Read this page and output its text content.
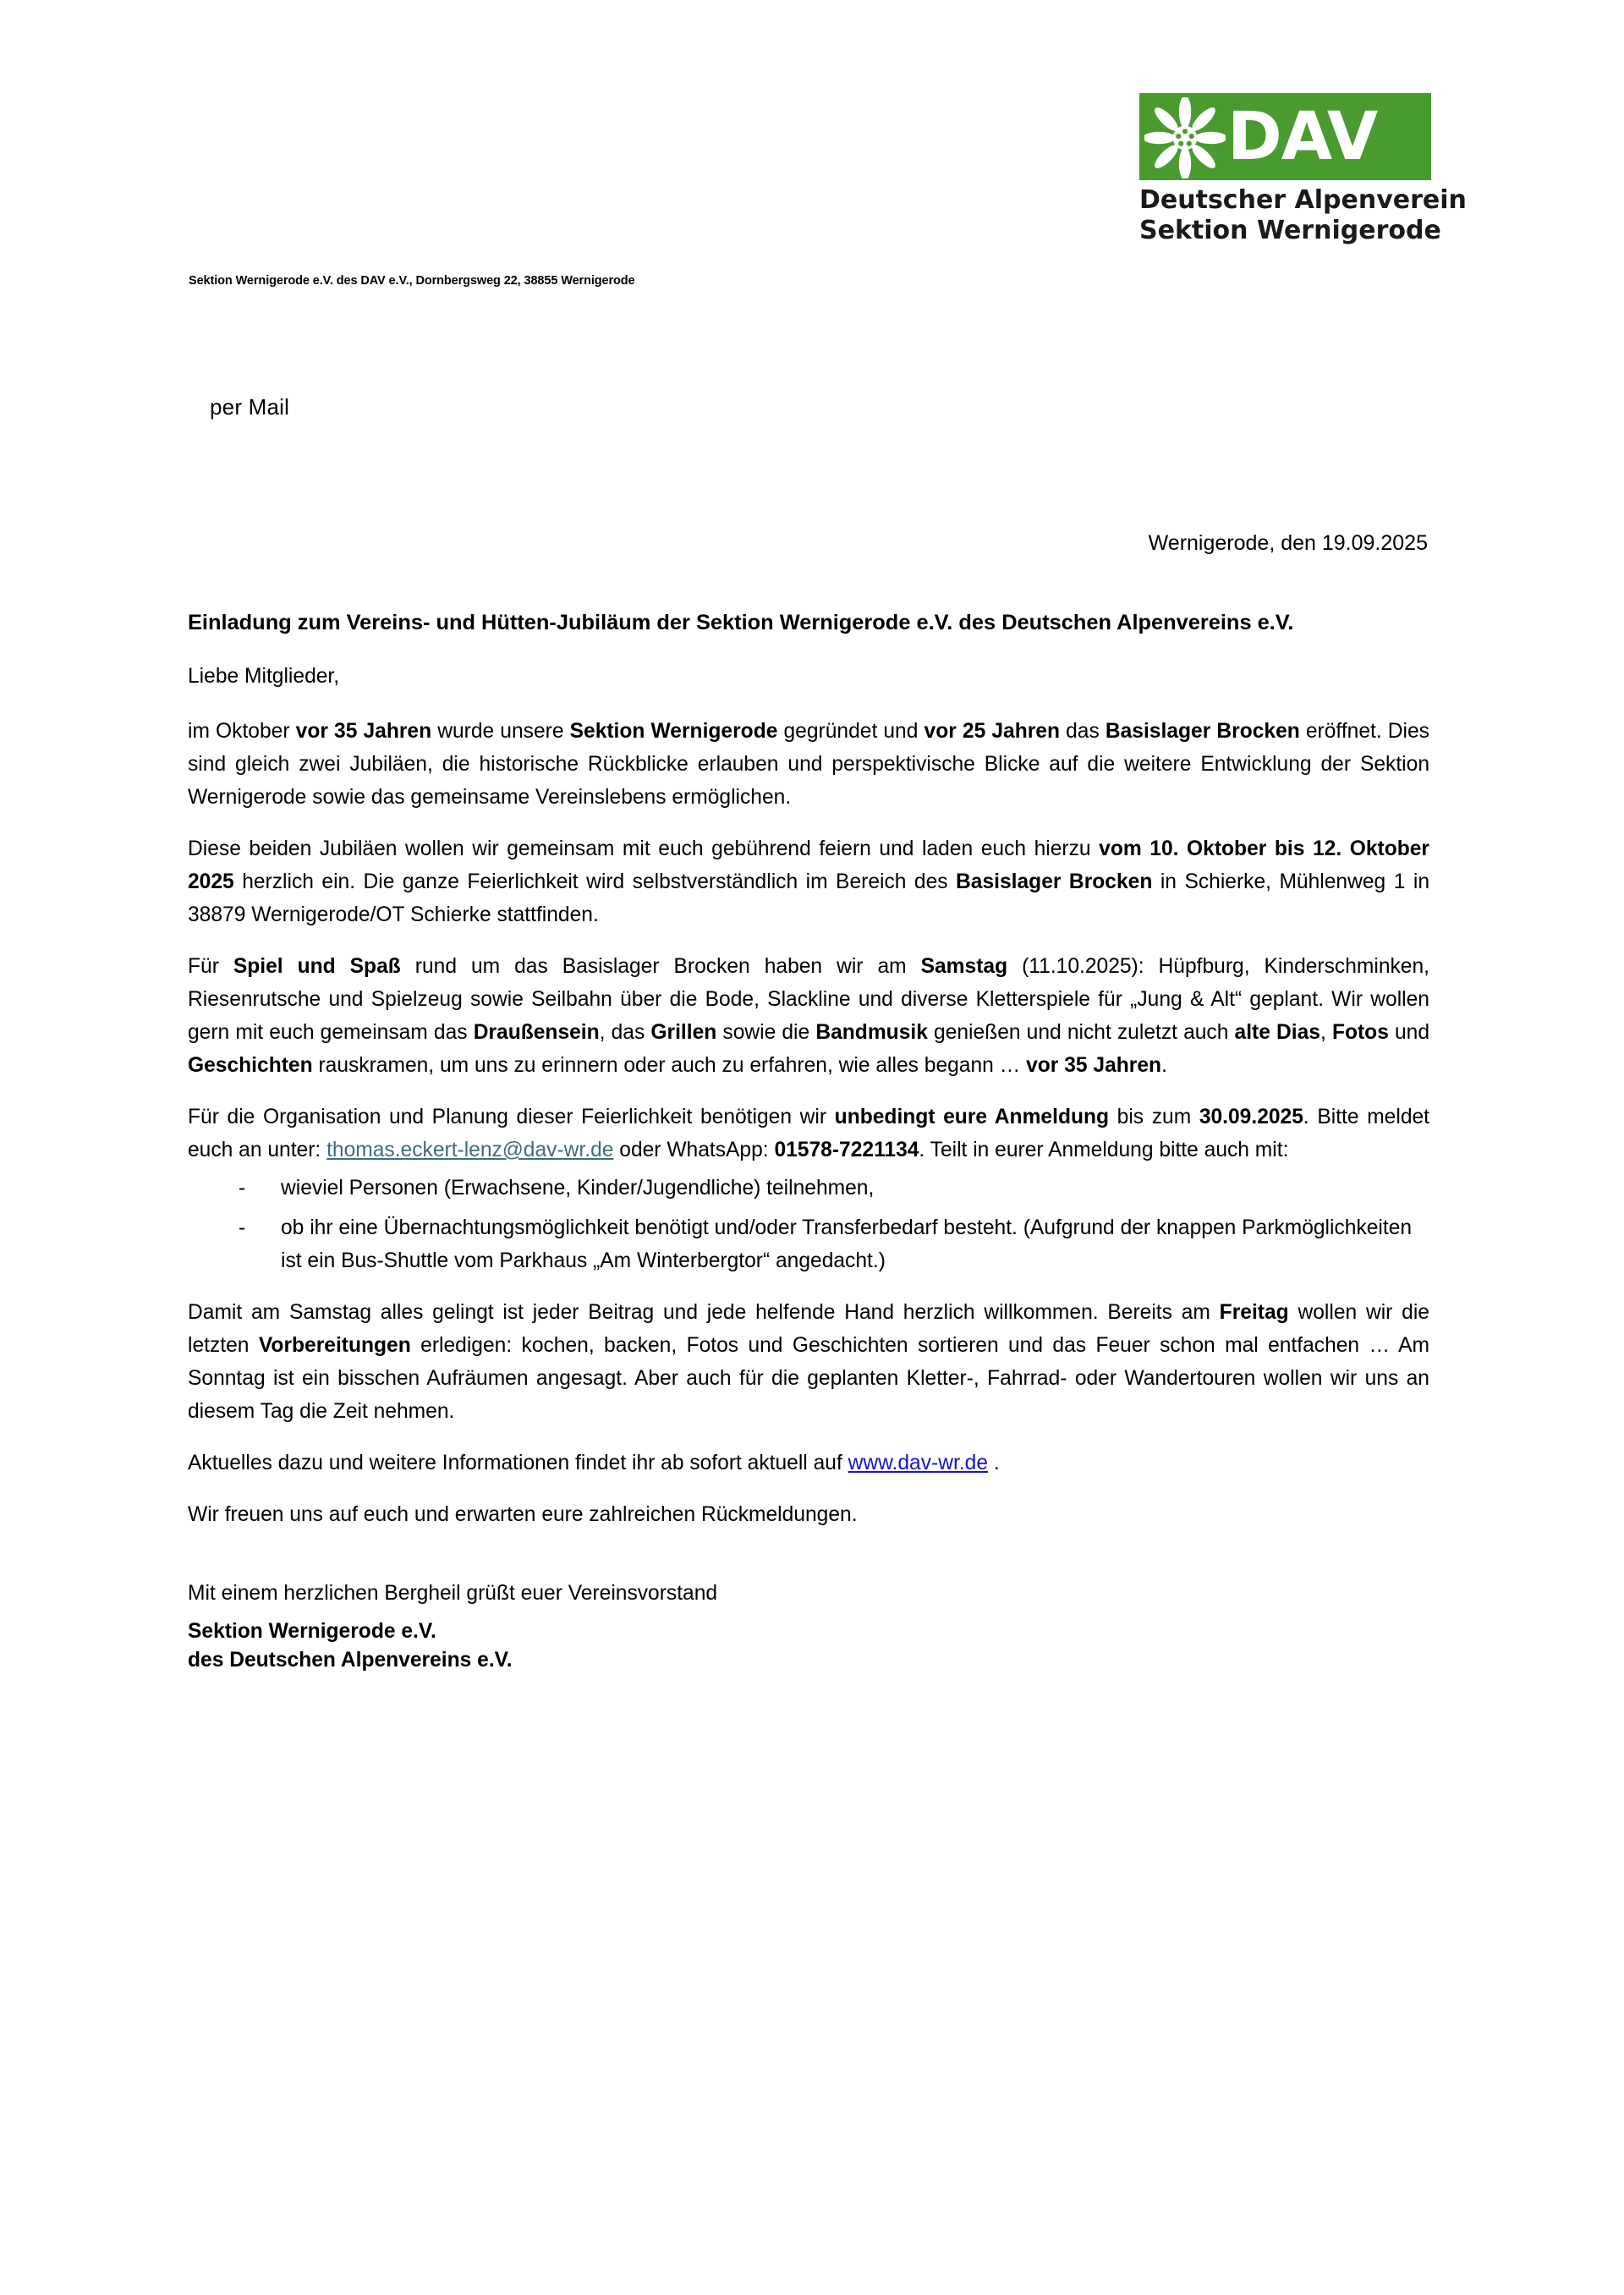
DAV
Deutscher Alpenverein
Sektion Wernigerode
Sektion Wernigerode e.V. des DAV e.V., Dornbergsweg 22, 38855 Wernigerode
per Mail
Wernigerode, den 19.09.2025
Einladung zum Vereins- und Hütten-Jubiläum der Sektion Wernigerode e.V. des Deutschen Alpenvereins e.V.

Liebe Mitglieder,

im Oktober vor 35 Jahren wurde unsere Sektion Wernigerode gegründet und vor 25 Jahren das Basislager Brocken eröffnet. Dies sind gleich zwei Jubiläen, die historische Rückblicke erlauben und perspektivische Blicke auf die weitere Entwicklung der Sektion Wernigerode sowie das gemeinsame Vereinslebens ermöglichen.

Diese beiden Jubiläen wollen wir gemeinsam mit euch gebührend feiern und laden euch hierzu vom 10. Oktober bis 12. Oktober 2025 herzlich ein. Die ganze Feierlichkeit wird selbstverständlich im Bereich des Basislager Brocken in Schierke, Mühlenweg 1 in 38879 Wernigerode/OT Schierke stattfinden.

Für Spiel und Spaß rund um das Basislager Brocken haben wir am Samstag (11.10.2025): Hüpfburg, Kinderschminken, Riesenrutsche und Spielzeug sowie Seilbahn über die Bode, Slackline und diverse Kletterspiele für „Jung & Alt“ geplant. Wir wollen gern mit euch gemeinsam das Draußensein, das Grillen sowie die Bandmusik genießen und nicht zuletzt auch alte Dias, Fotos und Geschichten rauskramen, um uns zu erinnern oder auch zu erfahren, wie alles begann … vor 35 Jahren.

Für die Organisation und Planung dieser Feierlichkeit benötigen wir unbedingt eure Anmeldung bis zum 30.09.2025. Bitte meldet euch an unter: thomas.eckert-lenz@dav-wr.de oder WhatsApp: 01578-7221134. Teilt in eurer Anmeldung bitte auch mit:

- wieviel Personen (Erwachsene, Kinder/Jugendliche) teilnehmen,
- ob ihr eine Übernachtungsmöglichkeit benötigt und/oder Transferbedarf besteht. (Aufgrund der knappen Parkmöglichkeiten ist ein Bus-Shuttle vom Parkhaus „Am Winterbergtor“ angedacht.)

Damit am Samstag alles gelingt ist jeder Beitrag und jede helfende Hand herzlich willkommen. Bereits am Freitag wollen wir die letzten Vorbereitungen erledigen: kochen, backen, Fotos und Geschichten sortieren und das Feuer schon mal entfachen … Am Sonntag ist ein bisschen Aufräumen angesagt. Aber auch für die geplanten Kletter-, Fahrrad- oder Wandertouren wollen wir uns an diesem Tag die Zeit nehmen.

Aktuelles dazu und weitere Informationen findet ihr ab sofort aktuell auf www.dav-wr.de .

Wir freuen uns auf euch und erwarten eure zahlreichen Rückmeldungen.

Mit einem herzlichen Bergheil grüßt euer Vereinsvorstand

Sektion Wernigerode e.V.

des Deutschen Alpenvereins e.V.
